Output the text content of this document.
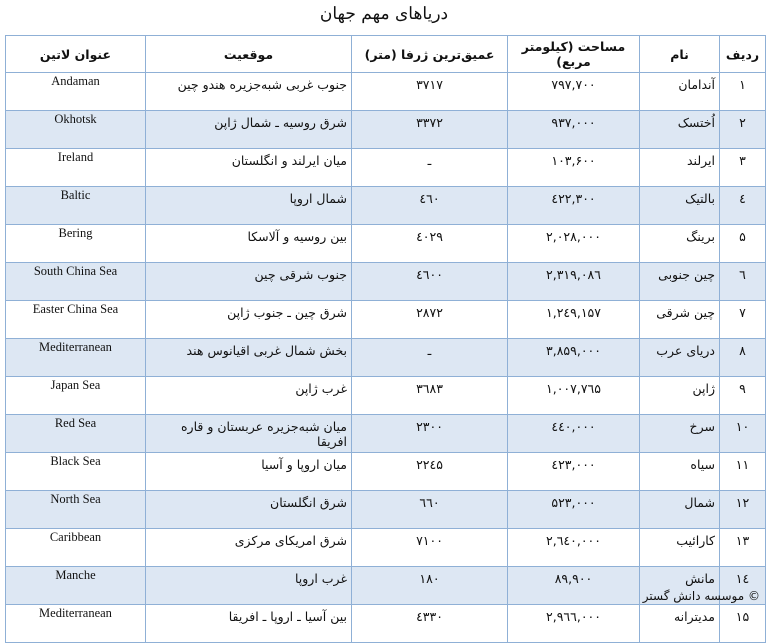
دریاهای مهم جهان
ردیف	نام	مساحت (کیلومتر مربع)	عمیق‌ترین ژرفا (متر)	موقعیت	عنوان لاتین
۱	آندامان	۷۹۷,۷۰۰	۳۷۱۷	جنوب غربی شبه‌جزیره هندو چین	Andaman
۲	اُختسک	۹۳۷,۰۰۰	۳۳۷۲	شرق روسیه ـ شمال ژاپن	Okhotsk
۳	ایرلند	۱۰۳,۶۰۰	ـ	میان ایرلند و انگلستان	Ireland
٤	بالتیک	٤۲۲,۳۰۰	٤٦۰	شمال اروپا	Baltic
۵	برینگ	۲,۰۲۸,۰۰۰	٤۰۲۹	بین روسیه و آلاسکا	Bering
٦	چین جنوبی	۲,۳۱۹,۰۸٦	٤٦۰۰	جنوب شرقی چین	South China Sea
۷	چین شرقی	۱,۲٤۹,۱۵۷	۲۸۷۲	شرق چین ـ جنوب ژاپن	Easter China Sea
۸	دریای عرب	۳,۸۵۹,۰۰۰	ـ	بخش شمال غربی اقیانوس هند	Mediterranean
۹	ژاپن	۱,۰۰۷,۷٦۵	۳٦۸۳	غرب ژاپن	Japan Sea
۱۰	سرخ	٤٤۰,۰۰۰	۲۳۰۰	میان شبه‌جزیره عربستان و قاره افریقا	Red Sea
۱۱	سیاه	٤۲۳,۰۰۰	۲۲٤۵	میان اروپا و آسیا	Black Sea
۱۲	شمال	۵۲۳,۰۰۰	٦٦۰	شرق انگلستان	North Sea
۱۳	کارائیب	۲,٦٤۰,۰۰۰	۷۱۰۰	شرق امریکای مرکزی	Caribbean
۱٤	مانش	۸۹,۹۰۰	۱۸۰	غرب اروپا	Manche
۱۵	مدیترانه	۲,۹٦٦,۰۰۰	٤۳۳۰	بین آسیا ـ اروپا ـ افریقا	Mediterranean
© موسسه دانش گستر
